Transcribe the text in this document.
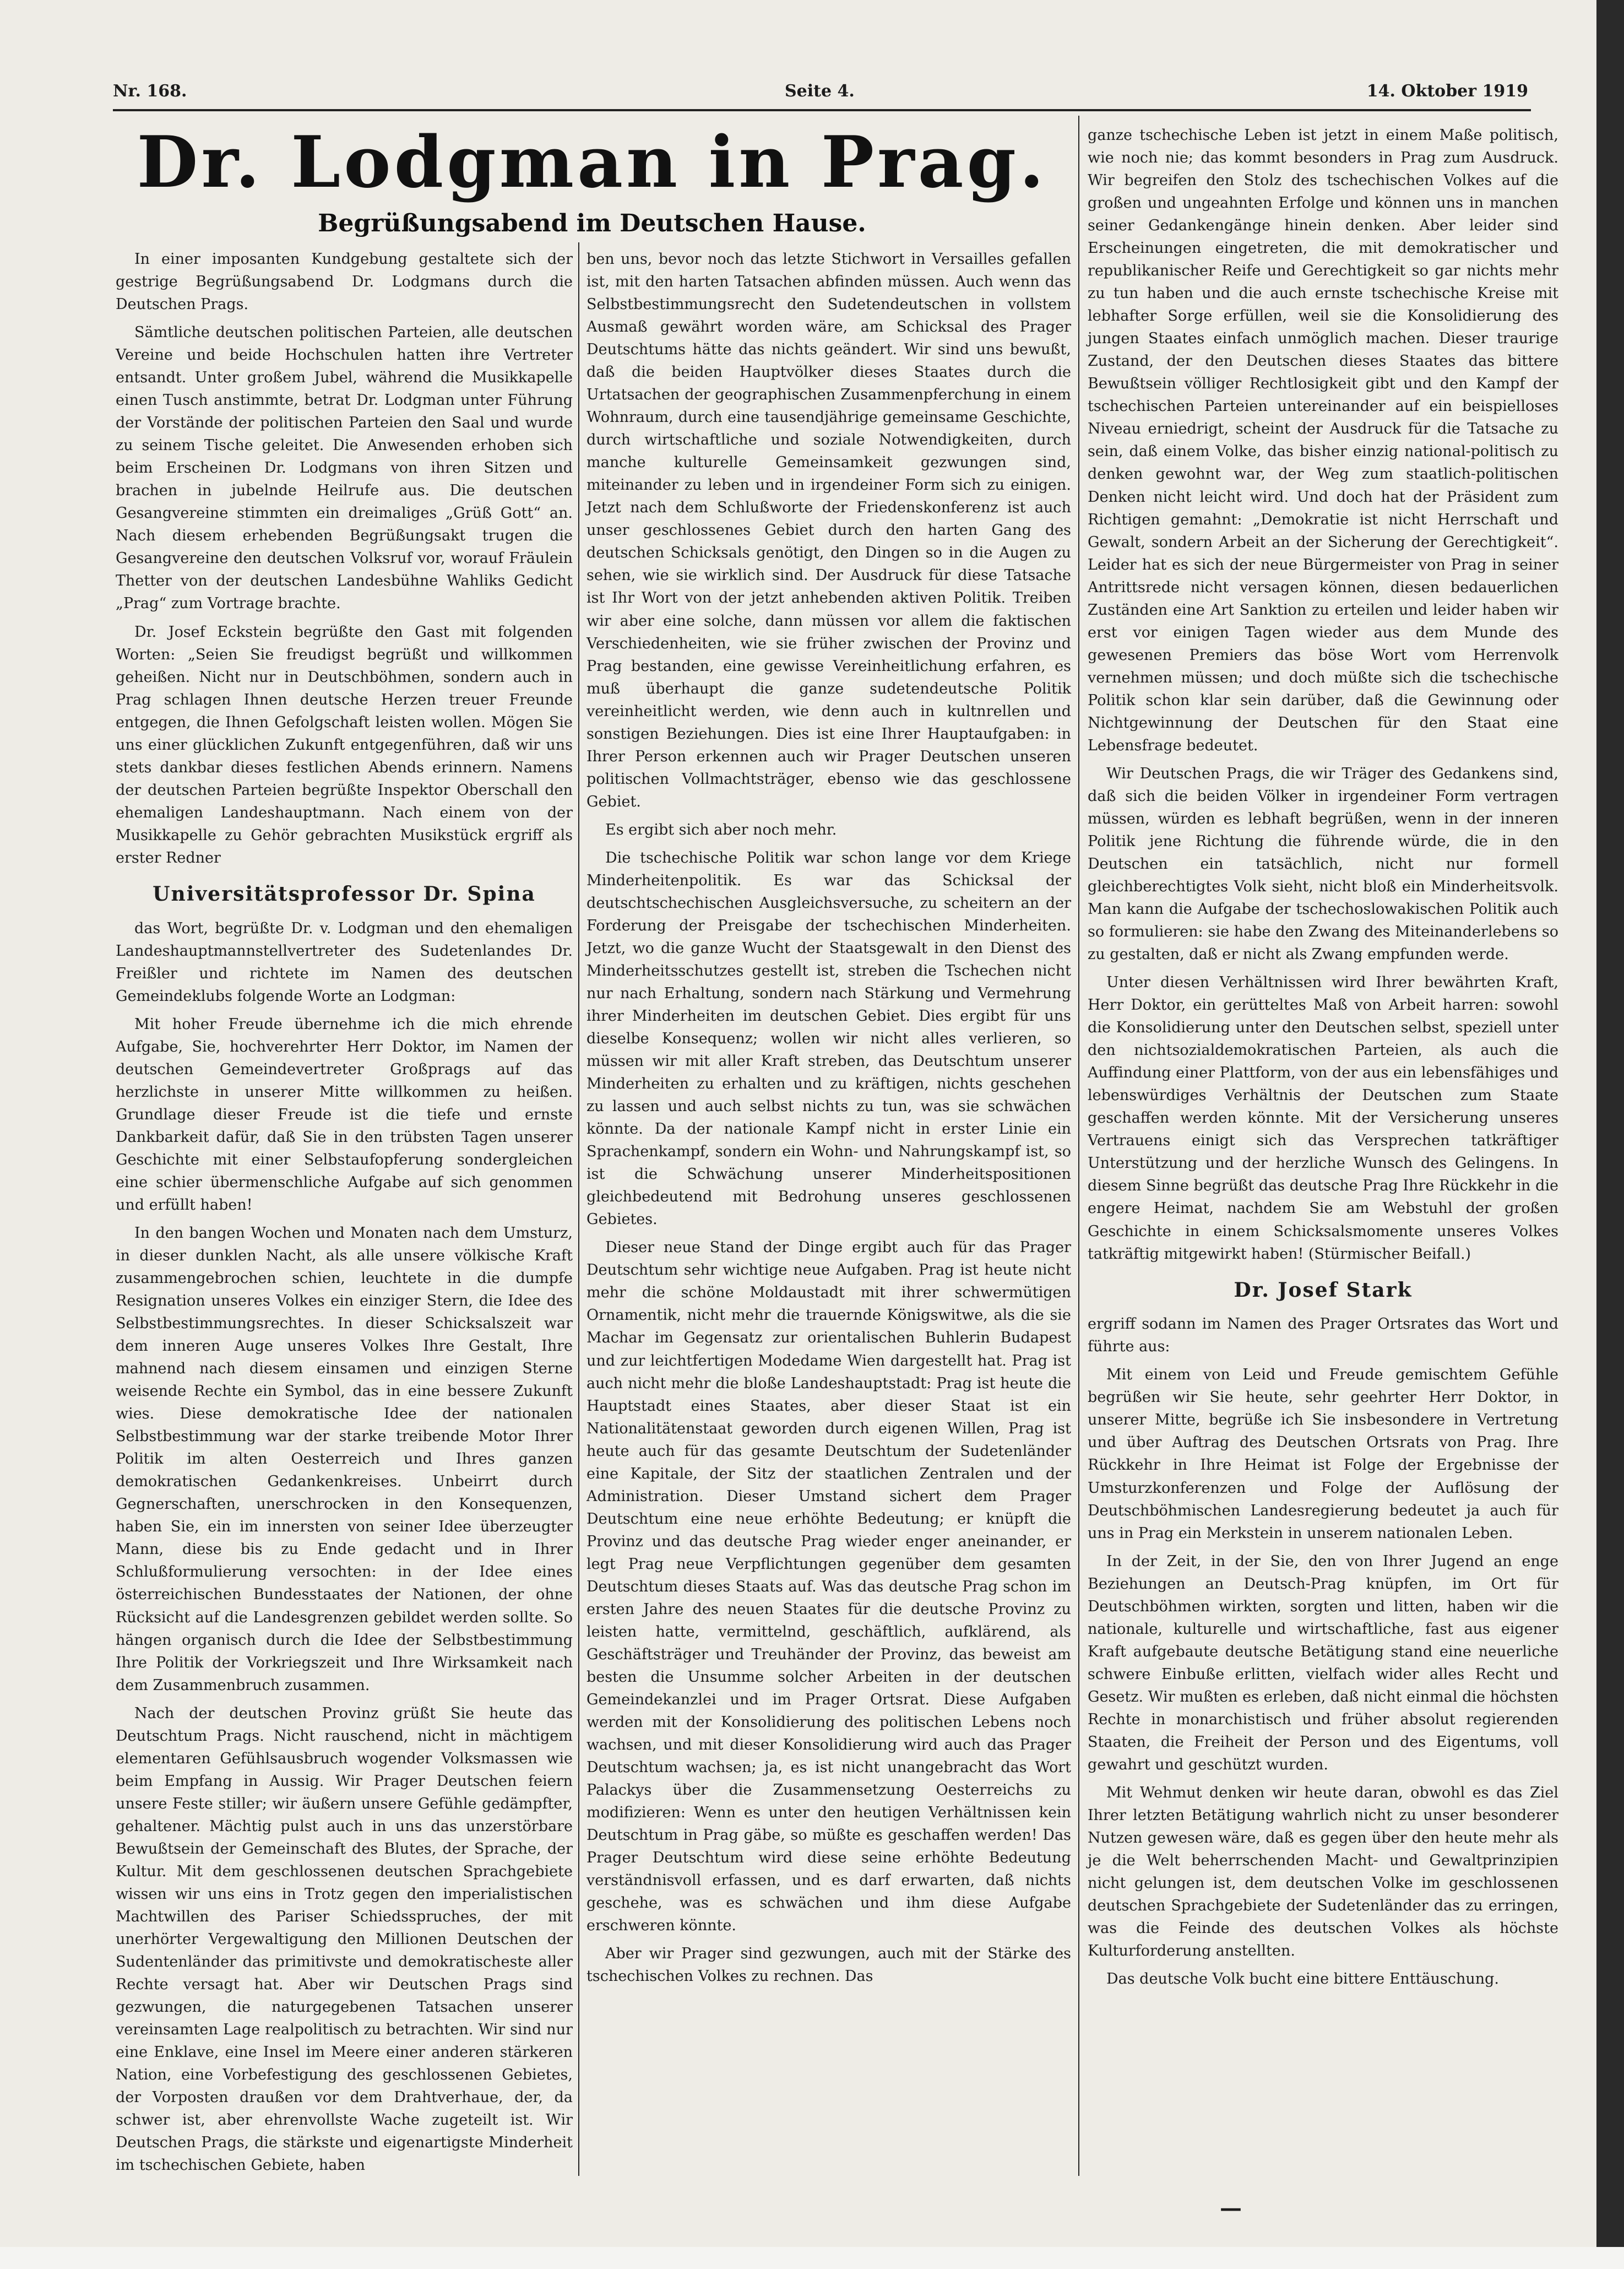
Nr. 168.	Seite 4.	14. Oktober 1919
Dr. Lodgman in Prag.
Begrüßungsabend im Deutschen Hause.

In einer imposanten Kundgebung gestaltete sich der gestrige Begrüßungsabend Dr. Lodgmans durch die Deutschen Prags.

Sämtliche deutschen politischen Parteien, alle deutschen Vereine und beide Hochschulen hatten ihre Vertreter entsandt. Unter großem Jubel, während die Musikkapelle einen Tusch anstimmte, betrat Dr. Lodgman unter Führung der Vorstände der politischen Parteien den Saal und wurde zu seinem Tische geleitet. Die Anwesenden erhoben sich beim Erscheinen Dr. Lodgmans von ihren Sitzen und brachen in jubelnde Heilrufe aus. Die deutschen Gesangvereine stimmten ein dreimaliges „Grüß Gott“ an. Nach diesem erhebenden Begrüßungsakt trugen die Gesangvereine den deutschen Volksruf vor, worauf Fräulein Thetter von der deutschen Landesbühne Wahliks Gedicht „Prag“ zum Vortrage brachte.

Dr. Josef Eckstein begrüßte den Gast mit folgenden Worten: „Seien Sie freudigst begrüßt und willkommen geheißen. Nicht nur in Deutschböhmen, sondern auch in Prag schlagen Ihnen deutsche Herzen treuer Freunde entgegen, die Ihnen Gefolgschaft leisten wollen. Mögen Sie uns einer glücklichen Zukunft entgegenführen, daß wir uns stets dankbar dieses festlichen Abends erinnern. Namens der deutschen Parteien begrüßte Inspektor Oberschall den ehemaligen Landeshauptmann. Nach einem von der Musikkapelle zu Gehör gebrachten Musikstück ergriff als erster Redner

Universitätsprofessor Dr. Spina

das Wort, begrüßte Dr. v. Lodgman und den ehemaligen Landeshauptmannstellvertreter des Sudetenlandes Dr. Freißler und richtete im Namen des deutschen Gemeindeklubs folgende Worte an Lodgman:

Mit hoher Freude übernehme ich die mich ehrende Aufgabe, Sie, hochverehrter Herr Doktor, im Namen der deutschen Gemeindevertreter Großprags auf das herzlichste in unserer Mitte willkommen zu heißen. Grundlage dieser Freude ist die tiefe und ernste Dankbarkeit dafür, daß Sie in den trübsten Tagen unserer Geschichte mit einer Selbstaufopferung sondergleichen eine schier übermenschliche Aufgabe auf sich genommen und erfüllt haben!

In den bangen Wochen und Monaten nach dem Umsturz, in dieser dunklen Nacht, als alle unsere völkische Kraft zusammengebrochen schien, leuchtete in die dumpfe Resignation unseres Volkes ein einziger Stern, die Idee des Selbstbestimmungsrechtes. In dieser Schicksalszeit war dem inneren Auge unseres Volkes Ihre Gestalt, Ihre mahnend nach diesem einsamen und einzigen Sterne weisende Rechte ein Symbol, das in eine bessere Zukunft wies. Diese demokratische Idee der nationalen Selbstbestimmung war der starke treibende Motor Ihrer Politik im alten Oesterreich und Ihres ganzen demokratischen Gedankenkreises. Unbeirrt durch Gegnerschaften, unerschrocken in den Konsequenzen, haben Sie, ein im innersten von seiner Idee überzeugter Mann, diese bis zu Ende gedacht und in Ihrer Schlußformulierung versochten: in der Idee eines österreichischen Bundesstaates der Nationen, der ohne Rücksicht auf die Landesgrenzen gebildet werden sollte. So hängen organisch durch die Idee der Selbstbestimmung Ihre Politik der Vorkriegszeit und Ihre Wirksamkeit nach dem Zusammenbruch zusammen.

Nach der deutschen Provinz grüßt Sie heute das Deutschtum Prags. Nicht rauschend, nicht in mächtigem elementaren Gefühlsausbruch wogender Volksmassen wie beim Empfang in Aussig. Wir Prager Deutschen feiern unsere Feste stiller; wir äußern unsere Gefühle gedämpfter, gehaltener. Mächtig pulst auch in uns das unzerstörbare Bewußtsein der Gemeinschaft des Blutes, der Sprache, der Kultur. Mit dem geschlossenen deutschen Sprachgebiete wissen wir uns eins in Trotz gegen den imperialistischen Machtwillen des Pariser Schiedsspruches, der mit unerhörter Vergewaltigung den Millionen Deutschen der Sudentenländer das primitivste und demokratischeste aller Rechte versagt hat. Aber wir Deutschen Prags sind gezwungen, die naturgegebenen Tatsachen unserer vereinsamten Lage realpolitisch zu betrachten. Wir sind nur eine Enklave, eine Insel im Meere einer anderen stärkeren Nation, eine Vorbefestigung des geschlossenen Gebietes, der Vorposten draußen vor dem Drahtverhaue, der, da schwer ist, aber ehrenvollste Wache zugeteilt ist. Wir Deutschen Prags, die stärkste und eigenartigste Minderheit im tschechischen Gebiete, haben

ben uns, bevor noch das letzte Stichwort in Versailles gefallen ist, mit den harten Tatsachen abfinden müssen. Auch wenn das Selbstbestimmungsrecht den Sudetendeutschen in vollstem Ausmaß gewährt worden wäre, am Schicksal des Prager Deutschtums hätte das nichts geändert. Wir sind uns bewußt, daß die beiden Hauptvölker dieses Staates durch die Urtatsachen der geographischen Zusammenpferchung in einem Wohnraum, durch eine tausendjährige gemeinsame Geschichte, durch wirtschaftliche und soziale Notwendigkeiten, durch manche kulturelle Gemeinsamkeit gezwungen sind, miteinander zu leben und in irgendeiner Form sich zu einigen. Jetzt nach dem Schlußworte der Friedenskonferenz ist auch unser geschlossenes Gebiet durch den harten Gang des deutschen Schicksals genötigt, den Dingen so in die Augen zu sehen, wie sie wirklich sind. Der Ausdruck für diese Tatsache ist Ihr Wort von der jetzt anhebenden aktiven Politik. Treiben wir aber eine solche, dann müssen vor allem die faktischen Verschiedenheiten, wie sie früher zwischen der Provinz und Prag bestanden, eine gewisse Vereinheitlichung erfahren, es muß überhaupt die ganze sudetendeutsche Politik vereinheitlicht werden, wie denn auch in kultnrellen und sonstigen Beziehungen. Dies ist eine Ihrer Hauptaufgaben: in Ihrer Person erkennen auch wir Prager Deutschen unseren politischen Vollmachtsträger, ebenso wie das geschlossene Gebiet.

Es ergibt sich aber noch mehr.

Die tschechische Politik war schon lange vor dem Kriege Minderheitenpolitik. Es war das Schicksal der deutschtschechischen Ausgleichsversuche, zu scheitern an der Forderung der Preisgabe der tschechischen Minderheiten. Jetzt, wo die ganze Wucht der Staatsgewalt in den Dienst des Minderheitsschutzes gestellt ist, streben die Tschechen nicht nur nach Erhaltung, sondern nach Stärkung und Vermehrung ihrer Minderheiten im deutschen Gebiet. Dies ergibt für uns dieselbe Konsequenz; wollen wir nicht alles verlieren, so müssen wir mit aller Kraft streben, das Deutschtum unserer Minderheiten zu erhalten und zu kräftigen, nichts geschehen zu lassen und auch selbst nichts zu tun, was sie schwächen könnte. Da der nationale Kampf nicht in erster Linie ein Sprachenkampf, sondern ein Wohn- und Nahrungskampf ist, so ist die Schwächung unserer Minderheitspositionen gleichbedeutend mit Bedrohung unseres geschlossenen Gebietes.

Dieser neue Stand der Dinge ergibt auch für das Prager Deutschtum sehr wichtige neue Aufgaben. Prag ist heute nicht mehr die schöne Moldaustadt mit ihrer schwermütigen Ornamentik, nicht mehr die trauernde Königswitwe, als die sie Machar im Gegensatz zur orientalischen Buhlerin Budapest und zur leichtfertigen Modedame Wien dargestellt hat. Prag ist auch nicht mehr die bloße Landeshauptstadt: Prag ist heute die Hauptstadt eines Staates, aber dieser Staat ist ein Nationalitätenstaat geworden durch eigenen Willen, Prag ist heute auch für das gesamte Deutschtum der Sudetenländer eine Kapitale, der Sitz der staatlichen Zentralen und der Administration. Dieser Umstand sichert dem Prager Deutschtum eine neue erhöhte Bedeutung; er knüpft die Provinz und das deutsche Prag wieder enger aneinander, er legt Prag neue Verpflichtungen gegenüber dem gesamten Deutschtum dieses Staats auf. Was das deutsche Prag schon im ersten Jahre des neuen Staates für die deutsche Provinz zu leisten hatte, vermittelnd, geschäftlich, aufklärend, als Geschäftsträger und Treuhänder der Provinz, das beweist am besten die Unsumme solcher Arbeiten in der deutschen Gemeindekanzlei und im Prager Ortsrat. Diese Aufgaben werden mit der Konsolidierung des politischen Lebens noch wachsen, und mit dieser Konsolidierung wird auch das Prager Deutschtum wachsen; ja, es ist nicht unangebracht das Wort Palackys über die Zusammensetzung Oesterreichs zu modifizieren: Wenn es unter den heutigen Verhältnissen kein Deutschtum in Prag gäbe, so müßte es geschaffen werden! Das Prager Deutschtum wird diese seine erhöhte Bedeutung verständnisvoll erfassen, und es darf erwarten, daß nichts geschehe, was es schwächen und ihm diese Aufgabe erschweren könnte.

Aber wir Prager sind gezwungen, auch mit der Stärke des tschechischen Volkes zu rechnen. Das

ganze tschechische Leben ist jetzt in einem Maße politisch, wie noch nie; das kommt besonders in Prag zum Ausdruck. Wir begreifen den Stolz des tschechischen Volkes auf die großen und ungeahnten Erfolge und können uns in manchen seiner Gedankengänge hinein denken. Aber leider sind Erscheinungen eingetreten, die mit demokratischer und republikanischer Reife und Gerechtigkeit so gar nichts mehr zu tun haben und die auch ernste tschechische Kreise mit lebhafter Sorge erfüllen, weil sie die Konsolidierung des jungen Staates einfach unmöglich machen. Dieser traurige Zustand, der den Deutschen dieses Staates das bittere Bewußtsein völliger Rechtlosigkeit gibt und den Kampf der tschechischen Parteien untereinander auf ein beispielloses Niveau erniedrigt, scheint der Ausdruck für die Tatsache zu sein, daß einem Volke, das bisher einzig national-politisch zu denken gewohnt war, der Weg zum staatlich-politischen Denken nicht leicht wird. Und doch hat der Präsident zum Richtigen gemahnt: „Demokratie ist nicht Herrschaft und Gewalt, sondern Arbeit an der Sicherung der Gerechtigkeit“. Leider hat es sich der neue Bürgermeister von Prag in seiner Antrittsrede nicht versagen können, diesen bedauerlichen Zuständen eine Art Sanktion zu erteilen und leider haben wir erst vor einigen Tagen wieder aus dem Munde des gewesenen Premiers das böse Wort vom Herrenvolk vernehmen müssen; und doch müßte sich die tschechische Politik schon klar sein darüber, daß die Gewinnung oder Nichtgewinnung der Deutschen für den Staat eine Lebensfrage bedeutet.

Wir Deutschen Prags, die wir Träger des Gedankens sind, daß sich die beiden Völker in irgendeiner Form vertragen müssen, würden es lebhaft begrüßen, wenn in der inneren Politik jene Richtung die führende würde, die in den Deutschen ein tatsächlich, nicht nur formell gleichberechtigtes Volk sieht, nicht bloß ein Minderheitsvolk. Man kann die Aufgabe der tschechoslowakischen Politik auch so formulieren: sie habe den Zwang des Miteinanderlebens so zu gestalten, daß er nicht als Zwang empfunden werde.

Unter diesen Verhältnissen wird Ihrer bewährten Kraft, Herr Doktor, ein gerütteltes Maß von Arbeit harren: sowohl die Konsolidierung unter den Deutschen selbst, speziell unter den nichtsozialdemokratischen Parteien, als auch die Auffindung einer Plattform, von der aus ein lebensfähiges und lebenswürdiges Verhältnis der Deutschen zum Staate geschaffen werden könnte. Mit der Versicherung unseres Vertrauens einigt sich das Versprechen tatkräftiger Unterstützung und der herzliche Wunsch des Gelingens. In diesem Sinne begrüßt das deutsche Prag Ihre Rückkehr in die engere Heimat, nachdem Sie am Webstuhl der großen Geschichte in einem Schicksalsmomente unseres Volkes tatkräftig mitgewirkt haben! (Stürmischer Beifall.)

Dr. Josef Stark

ergriff sodann im Namen des Prager Ortsrates das Wort und führte aus:

Mit einem von Leid und Freude gemischtem Gefühle begrüßen wir Sie heute, sehr geehrter Herr Doktor, in unserer Mitte, begrüße ich Sie insbesondere in Vertretung und über Auftrag des Deutschen Ortsrats von Prag. Ihre Rückkehr in Ihre Heimat ist Folge der Ergebnisse der Umsturzkonferenzen und Folge der Auflösung der Deutschböhmischen Landesregierung bedeutet ja auch für uns in Prag ein Merkstein in unserem nationalen Leben.

In der Zeit, in der Sie, den von Ihrer Jugend an enge Beziehungen an Deutsch-Prag knüpfen, im Ort für Deutschböhmen wirkten, sorgten und litten, haben wir die nationale, kulturelle und wirtschaftliche, fast aus eigener Kraft aufgebaute deutsche Betätigung stand eine neuerliche schwere Einbuße erlitten, vielfach wider alles Recht und Gesetz. Wir mußten es erleben, daß nicht einmal die höchsten Rechte in monarchistisch und früher absolut regierenden Staaten, die Freiheit der Person und des Eigentums, voll gewahrt und geschützt wurden.

Mit Wehmut denken wir heute daran, obwohl es das Ziel Ihrer letzten Betätigung wahrlich nicht zu unser besonderer Nutzen gewesen wäre, daß es gegen über den heute mehr als je die Welt beherrschenden Macht- und Gewaltprinzipien nicht gelungen ist, dem deutschen Volke im geschlossenen deutschen Sprachgebiete der Sudetenländer das zu erringen, was die Feinde des deutschen Volkes als höchste Kulturforderung anstellten.

Das deutsche Volk bucht eine bittere Enttäuschung.

—
